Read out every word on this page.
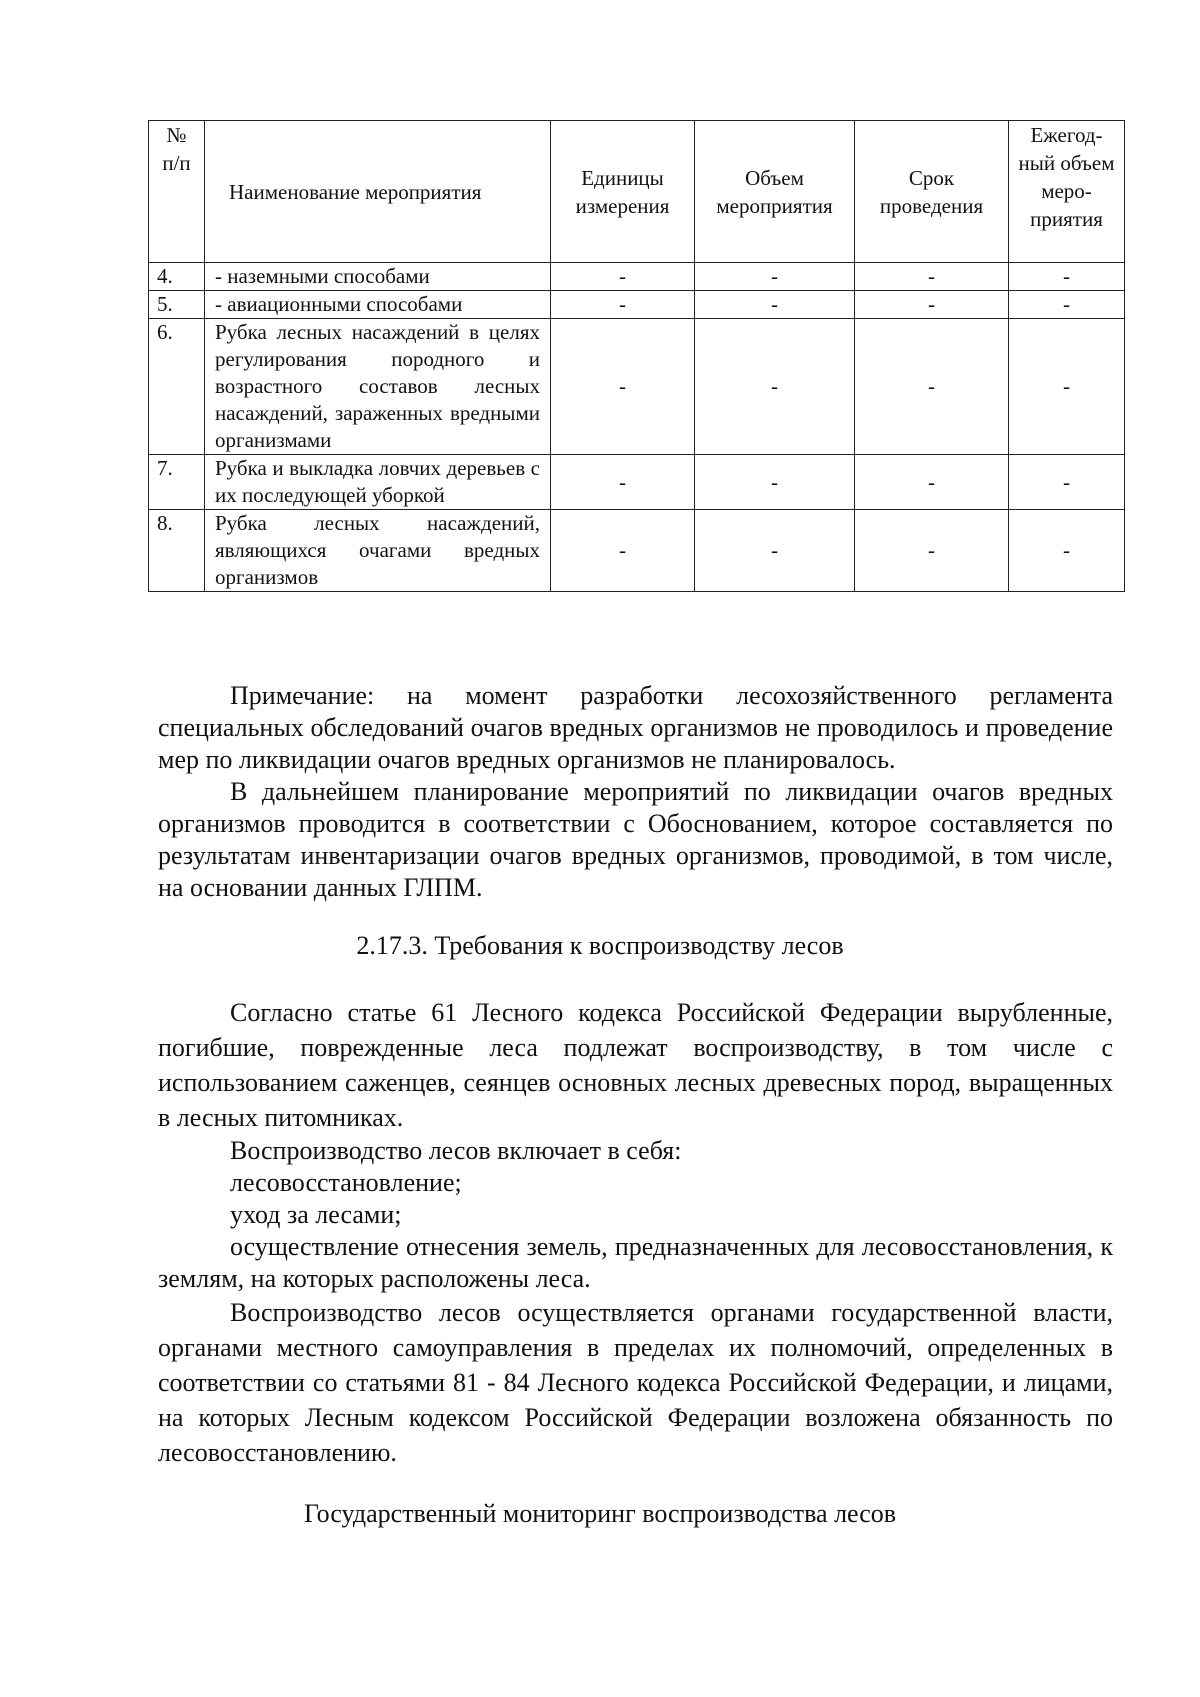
№ п/п	Наименование мероприятия	Единицы измерения	Объем мероприятия	Срок проведения	Ежегод-ный объем меро-приятия
4.	- наземными способами	-	-	-	-
5.	- авиационными способами	-	-	-	-
6.	Рубка лесных насаждений в целях регулирования породного и возрастного составов лесных насаждений, зараженных вредными организмами	-	-	-	-
7.	Рубка и выкладка ловчих деревьев с их последующей уборкой	-	-	-	-
8.	Рубка лесных насаждений, являющихся очагами вредных организмов	-	-	-	-

Примечание: на момент разработки лесохозяйственного регламента специальных обследований очагов вредных организмов не проводилось и проведение мер по ликвидации очагов вредных организмов не планировалось.

В дальнейшем планирование мероприятий по ликвидации очагов вредных организмов проводится в соответствии с Обоснованием, которое составляется по результатам инвентаризации очагов вредных организмов, проводимой, в том числе, на основании данных ГЛПМ.

2.17.3. Требования к воспроизводству лесов

Согласно статье 61 Лесного кодекса Российской Федерации вырубленные, погибшие, поврежденные леса подлежат воспроизводству, в том числе с использованием саженцев, сеянцев основных лесных древесных пород, выращенных в лесных питомниках.

Воспроизводство лесов включает в себя:

лесовосстановление;

уход за лесами;

осуществление отнесения земель, предназначенных для лесовосстановления, к землям, на которых расположены леса.

Воспроизводство лесов осуществляется органами государственной власти, органами местного самоуправления в пределах их полномочий, определенных в соответствии со статьями 81 - 84 Лесного кодекса Российской Федерации, и лицами, на которых Лесным кодексом Российской Федерации возложена обязанность по лесовосстановлению.

Государственный мониторинг воспроизводства лесов
